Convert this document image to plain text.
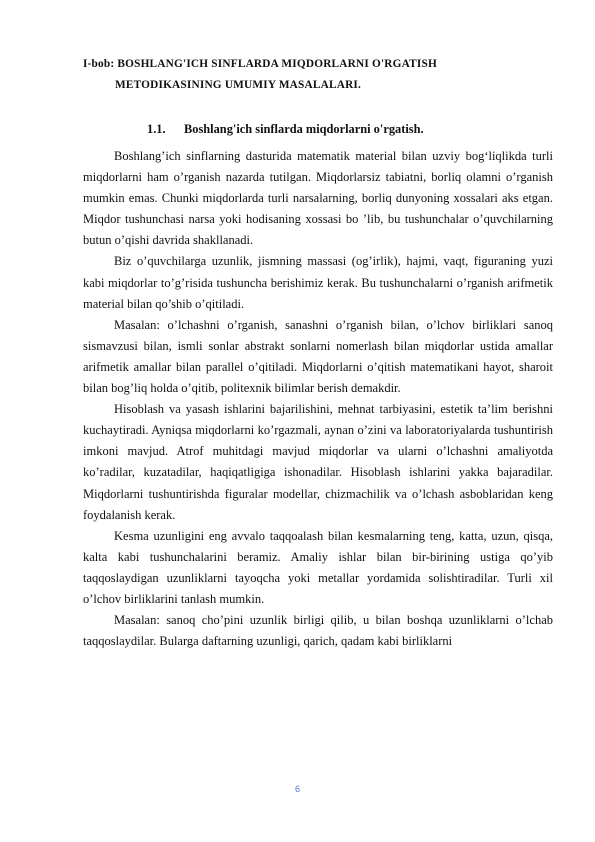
I-bob: BOSHLANG'ICH SINFLARDA MIQDORLARNI O'RGATISH
METODIKASINING UMUMIY MASALALARI.
1.1. Boshlang'ich sinflarda miqdorlarni o'rgatish.

Boshlang’ich sinflarning dasturida matematik material bilan uzviy bog‘liqlikda turli miqdorlarni ham o’rganish nazarda tutilgan. Miqdorlarsiz tabiatni, borliq olamni o’rganish mumkin emas. Chunki miqdorlarda turli narsalarning, borliq dunyoning xossalari aks etgan. Miqdor tushunchasi narsa yoki hodisaning xossasi bo ’lib, bu tushunchalar o’quvchilarning butun o’qishi davrida shakllanadi.

Biz o’quvchilarga uzunlik, jismning massasi (og’irlik), hajmi, vaqt, figuraning yuzi kabi miqdorlar to’g’risida tushuncha berishimiz kerak. Bu tushunchalarni o’rganish arifmetik material bilan qo’shib o’qitiladi.

Masalan: o’lchashni o’rganish, sanashni o’rganish bilan, o’lchov birliklari sanoq sismavzusi bilan, ismli sonlar abstrakt sonlarni nomerlash bilan miqdorlar ustida amallar arifmetik amallar bilan parallel o’qitiladi. Miqdorlarni o’qitish matematikani hayot, sharoit bilan bog’liq holda o’qitib, politexnik bilimlar berish demakdir.

Hisoblash va yasash ishlarini bajarilishini, mehnat tarbiyasini, estetik ta’lim berishni kuchaytiradi. Ayniqsa miqdorlarni ko’rgazmali, aynan o’zini va laboratoriyalarda tushuntirish imkoni mavjud. Atrof muhitdagi mavjud miqdorlar va ularni o’lchashni amaliyotda ko’radilar, kuzatadilar, haqiqatligiga ishonadilar. Hisoblash ishlarini yakka bajaradilar. Miqdorlarni tushuntirishda figuralar modellar, chizmachilik va o’lchash asboblaridan keng foydalanish kerak.

Kesma uzunligini eng avvalo taqqoalash bilan kesmalarning teng, katta, uzun, qisqa, kalta kabi tushunchalarini beramiz. Amaliy ishlar bilan bir-birining ustiga qo’yib taqqoslaydigan uzunliklarni tayoqcha yoki metallar yordamida solishtiradilar. Turli xil o’lchov birliklarini tanlash mumkin.

Masalan: sanoq cho’pini uzunlik birligi qilib, u bilan boshqa uzunliklarni o’lchab taqqoslaydilar. Bularga daftarning uzunligi, qarich, qadam kabi birliklarni

6
